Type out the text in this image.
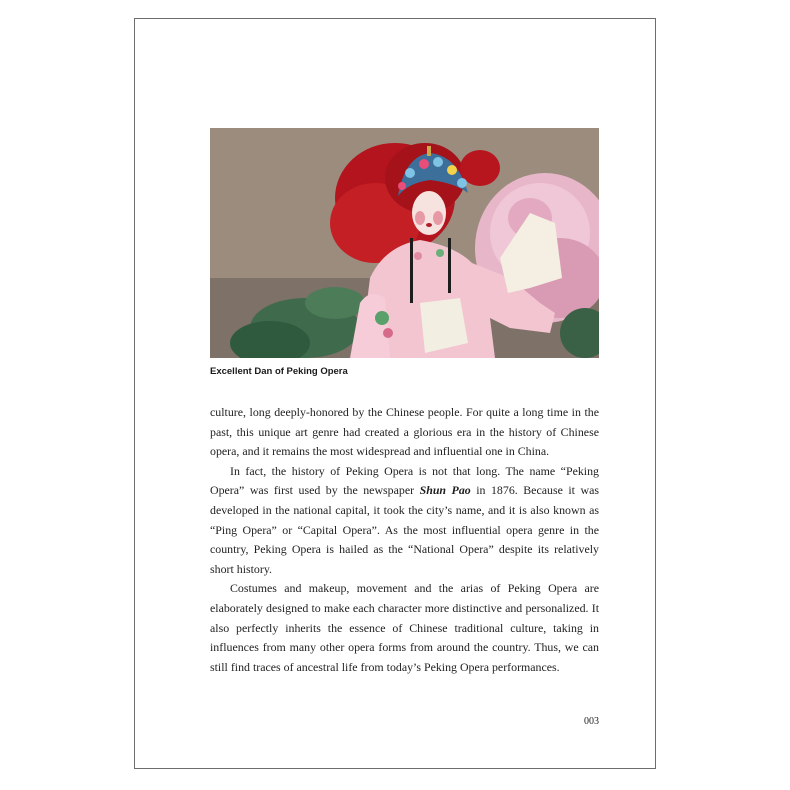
Excellent Dan of Peking Opera

culture, long deeply-honored by the Chinese people. For quite a long time in the past, this unique art genre had created a glorious era in the history of Chinese opera, and it remains the most widespread and influential one in China.

In fact, the history of Peking Opera is not that long. The name “Peking Opera” was first used by the newspaper Shun Pao in 1876. Because it was developed in the national capital, it took the city’s name, and it is also known as “Ping Opera” or “Capital Opera”. As the most influential opera genre in the country, Peking Opera is hailed as the “National Opera” despite its relatively short history.

Costumes and makeup, movement and the arias of Peking Opera are elaborately designed to make each character more distinctive and personalized. It also perfectly inherits the essence of Chinese traditional culture, taking in influences from many other opera forms from around the country. Thus, we can still find traces of ancestral life from today’s Peking Opera performances.

003
